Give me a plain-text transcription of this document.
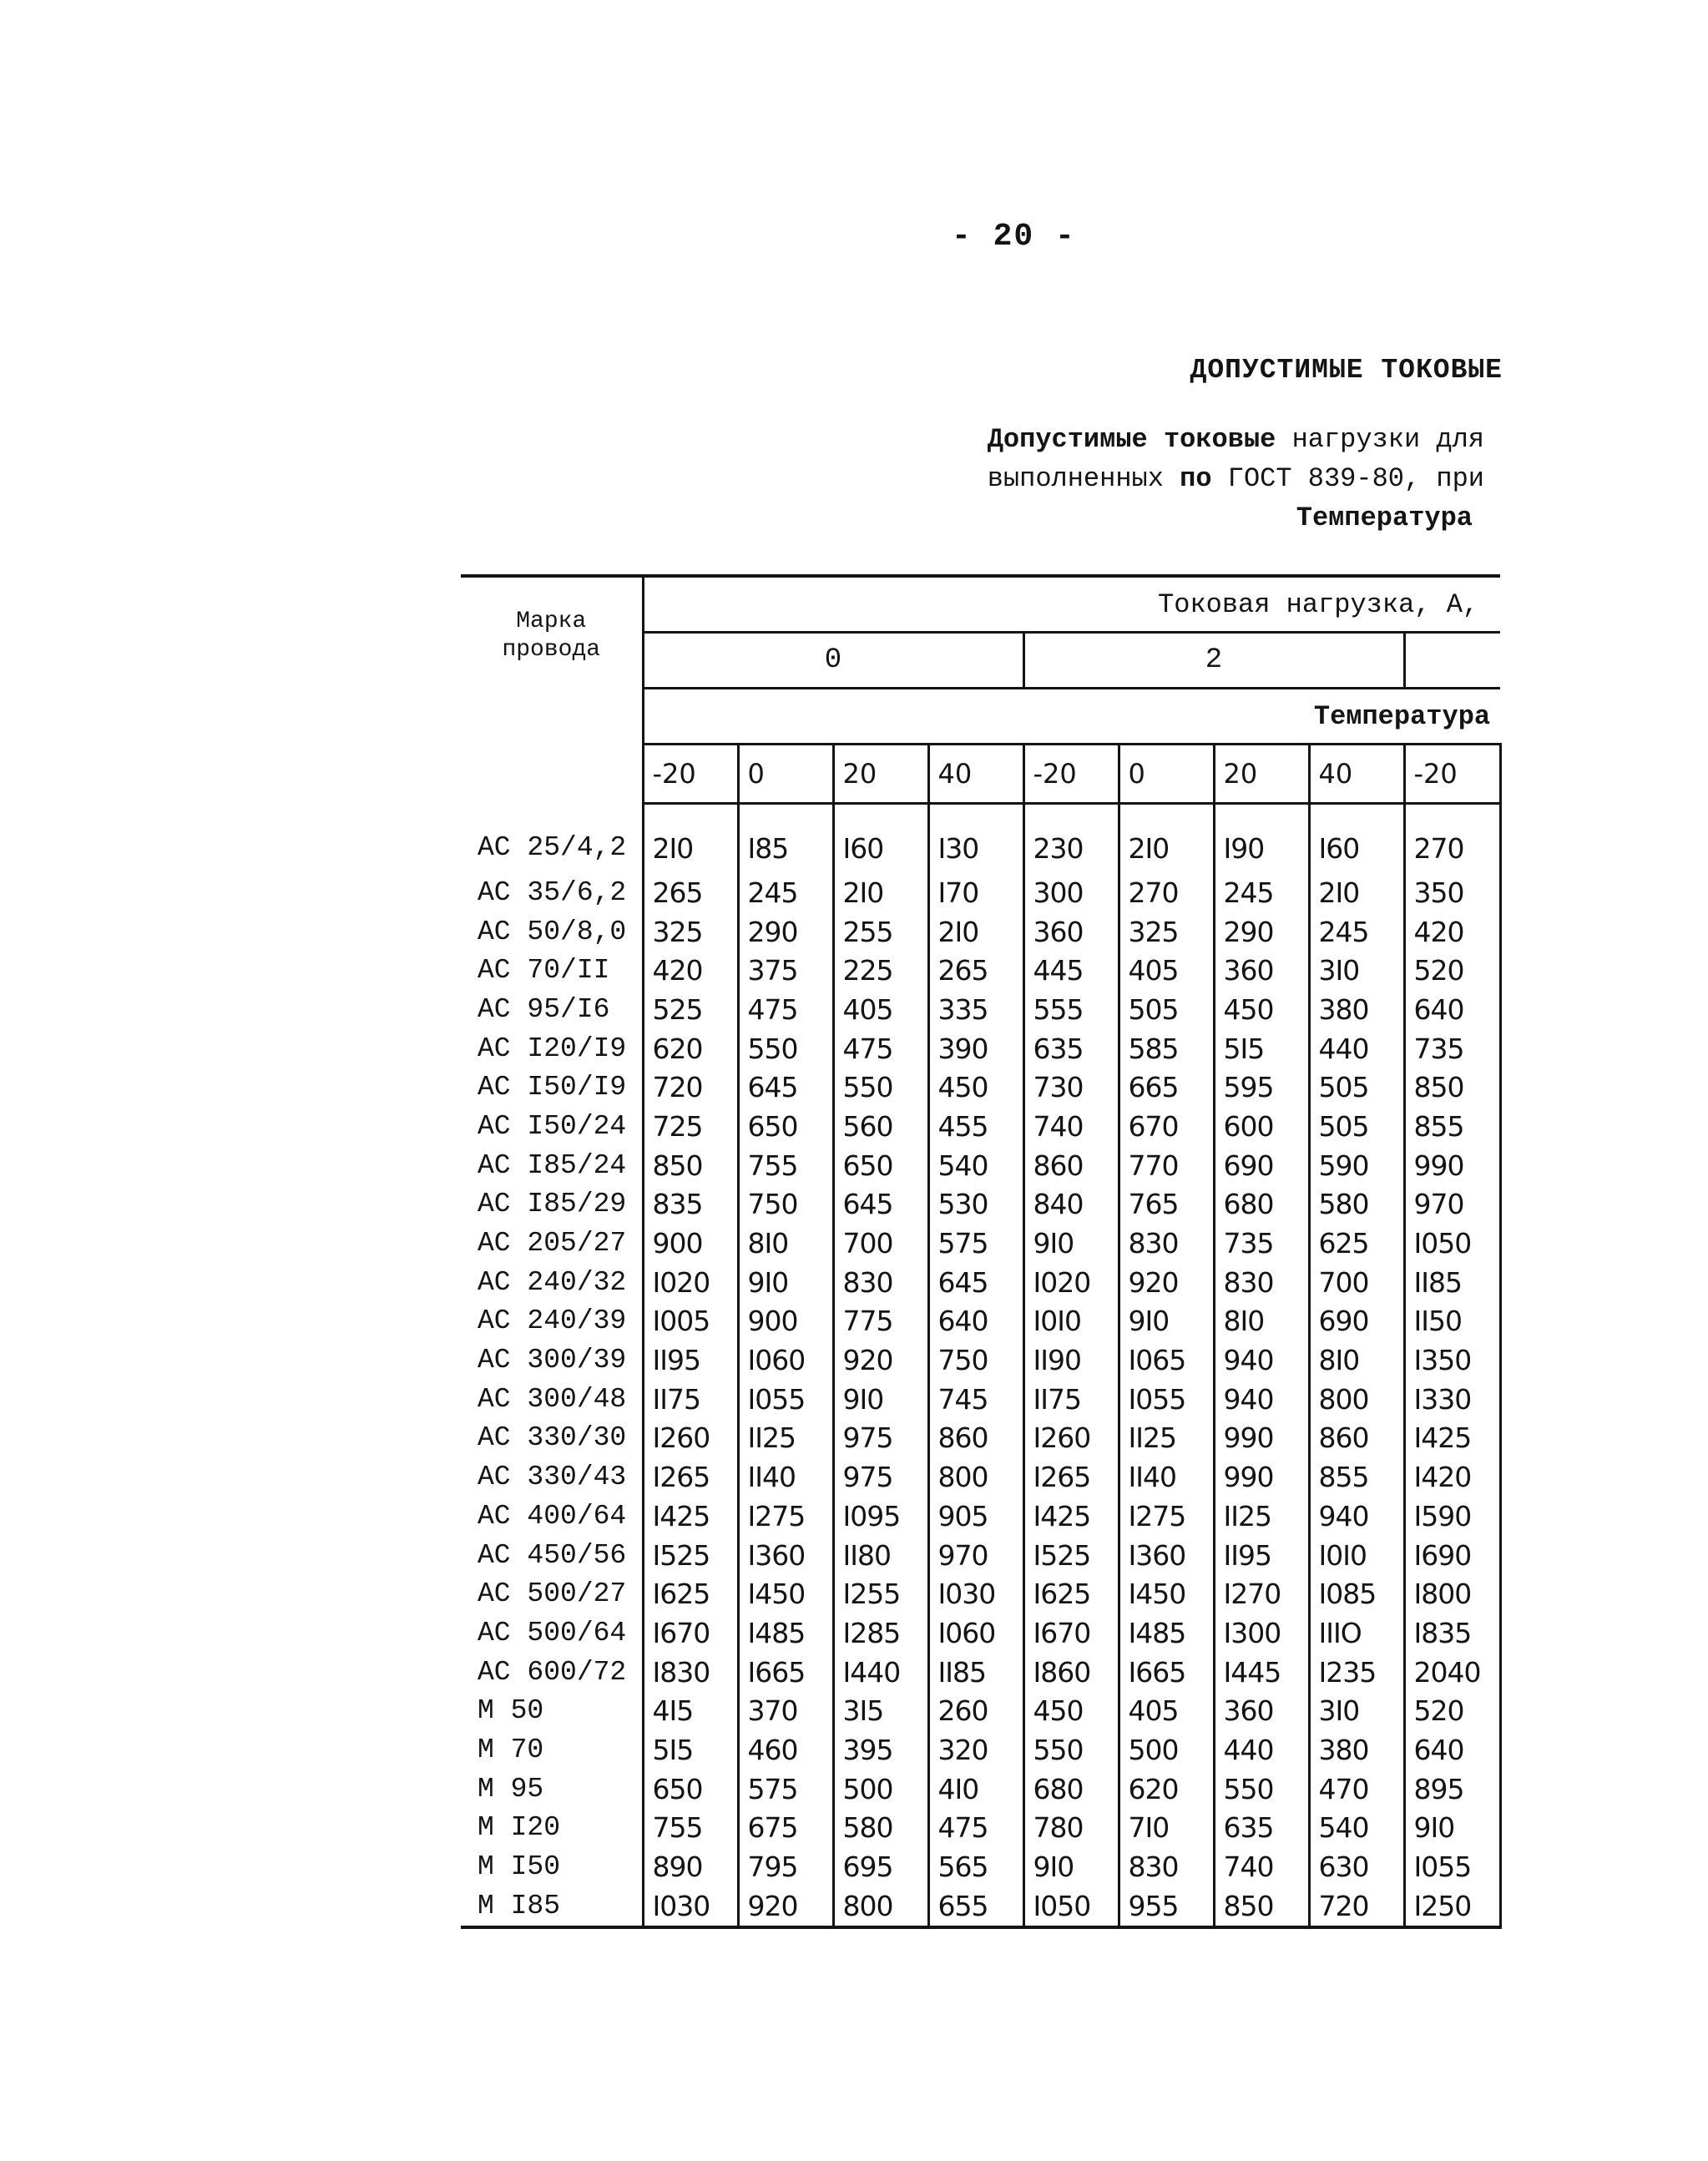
- 20 -
ДОПУСТИМЫЕ ТОКОВЫЕ
Допустимые токовые нагрузки для
выполненных по ГОСТ 839-80, при
Температура
Марка
провода	Токовая нагрузка, А,								
	0				2				
	Температура								
	-20	0	20	40	-20	0	20	40	-20
АС 25/4,2	2I0	I85	I60	I30	230	2I0	I90	I60	270
АС 35/6,2	265	245	2I0	I70	300	270	245	2I0	350
АС 50/8,0	325	290	255	2I0	360	325	290	245	420
АС 70/II	420	375	225	265	445	405	360	3I0	520
АС 95/I6	525	475	405	335	555	505	450	380	640
АС I20/I9	620	550	475	390	635	585	5I5	440	735
АС I50/I9	720	645	550	450	730	665	595	505	850
АС I50/24	725	650	560	455	740	670	600	505	855
АС I85/24	850	755	650	540	860	770	690	590	990
АС I85/29	835	750	645	530	840	765	680	580	970
АС 205/27	900	8I0	700	575	9I0	830	735	625	I050
АС 240/32	I020	9I0	830	645	I020	920	830	700	II85
АС 240/39	I005	900	775	640	I0I0	9I0	8I0	690	II50
АС 300/39	II95	I060	920	750	II90	I065	940	8I0	I350
АС 300/48	II75	I055	9I0	745	II75	I055	940	800	I330
АС 330/30	I260	II25	975	860	I260	II25	990	860	I425
АС 330/43	I265	II40	975	800	I265	II40	990	855	I420
АС 400/64	I425	I275	I095	905	I425	I275	II25	940	I590
АС 450/56	I525	I360	II80	970	I525	I360	II95	I0I0	I690
АС 500/27	I625	I450	I255	I030	I625	I450	I270	I085	I800
АС 500/64	I670	I485	I285	I060	I670	I485	I300	IIIO	I835
АС 600/72	I830	I665	I440	II85	I860	I665	I445	I235	2040
М 50	4I5	370	3I5	260	450	405	360	3I0	520
М 70	5I5	460	395	320	550	500	440	380	640
М 95	650	575	500	4I0	680	620	550	470	895
М I20	755	675	580	475	780	7I0	635	540	9I0
М I50	890	795	695	565	9I0	830	740	630	I055
М I85	I030	920	800	655	I050	955	850	720	I250
